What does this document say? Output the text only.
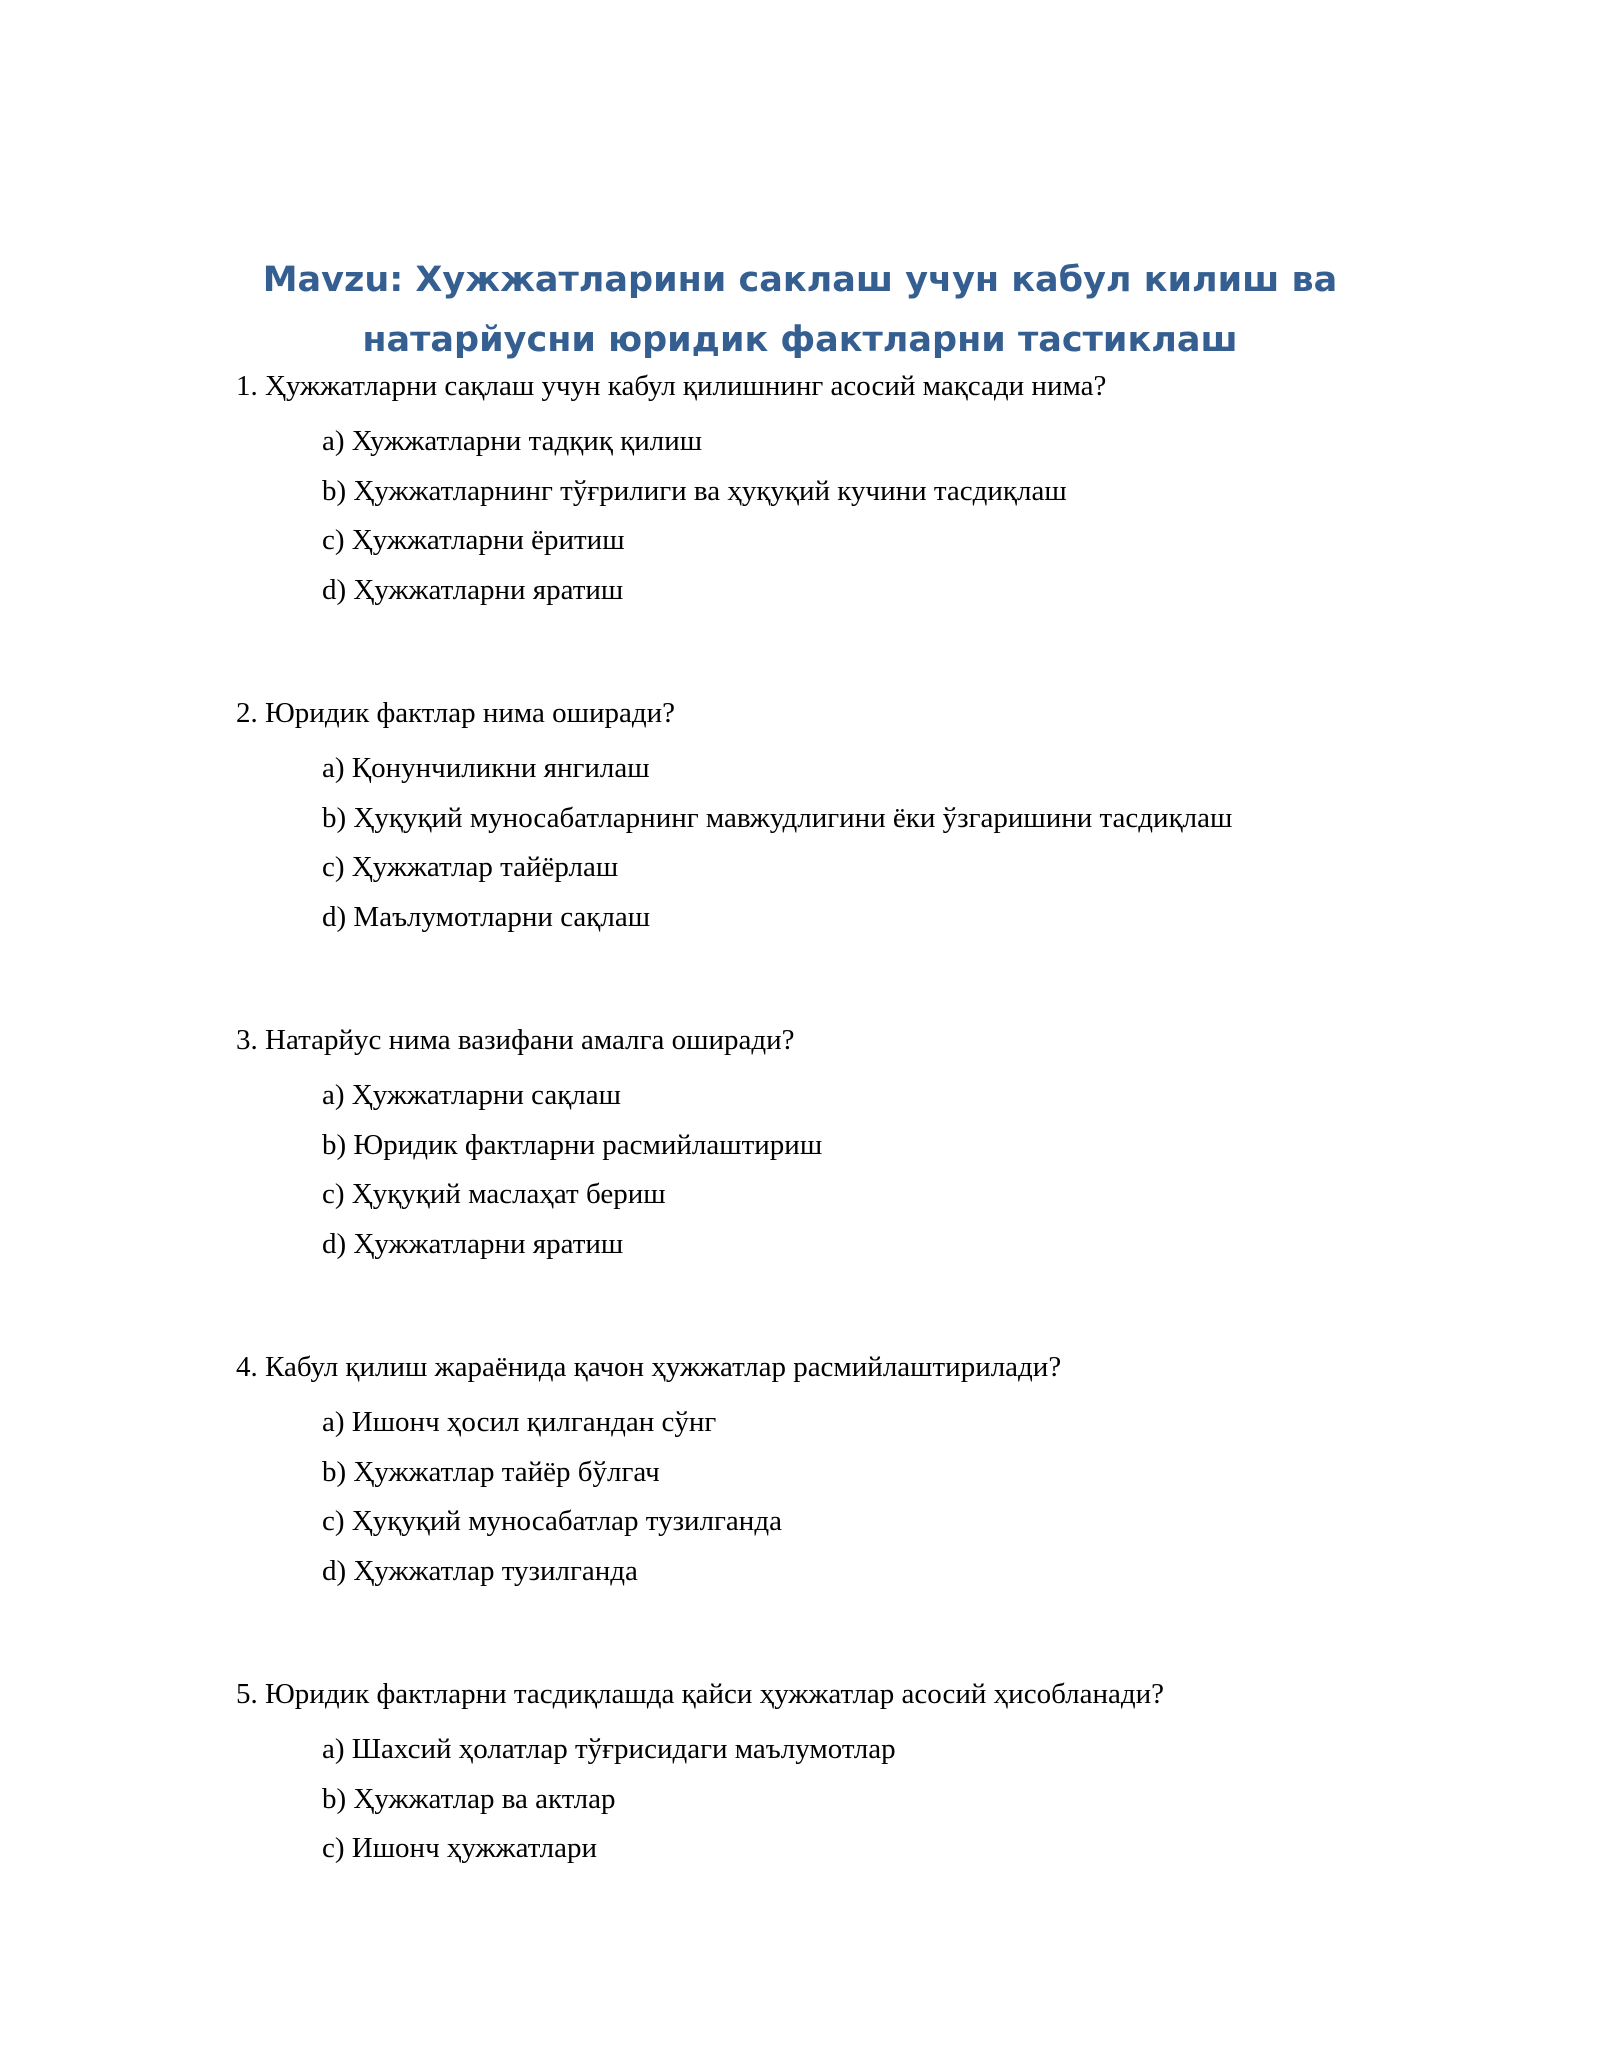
Mavzu: Хужжатларини саклаш учун кабул килиш ва
натарйусни юридик фактларни тастиклаш

1. Ҳужжатларни сақлаш учун кабул қилишнинг асосий мақсади нима?

a) Хужжатларни тадқиқ қилиш
b) Ҳужжатларнинг тўғрилиги ва ҳуқуқий кучини тасдиқлаш
c) Ҳужжатларни ёритиш
d) Ҳужжатларни яратиш

2. Юридик фактлар нима оширади?

a) Қонунчиликни янгилаш
b) Ҳуқуқий муносабатларнинг мавжудлигини ёки ўзгаришини тасдиқлаш
c) Ҳужжатлар тайёрлаш
d) Маълумотларни сақлаш

3. Натарйус нима вазифани амалга оширади?

a) Ҳужжатларни сақлаш
b) Юридик фактларни расмийлаштириш
c) Ҳуқуқий маслаҳат бериш
d) Ҳужжатларни яратиш

4. Кабул қилиш жараёнида қачон ҳужжатлар расмийлаштирилади?

a) Ишонч ҳосил қилгандан сўнг
b) Ҳужжатлар тайёр бўлгач
c) Ҳуқуқий муносабатлар тузилганда
d) Ҳужжатлар тузилганда

5. Юридик фактларни тасдиқлашда қайси ҳужжатлар асосий ҳисобланади?

a) Шахсий ҳолатлар тўғрисидаги маълумотлар
b) Ҳужжатлар ва актлар
c) Ишонч ҳужжатлари
